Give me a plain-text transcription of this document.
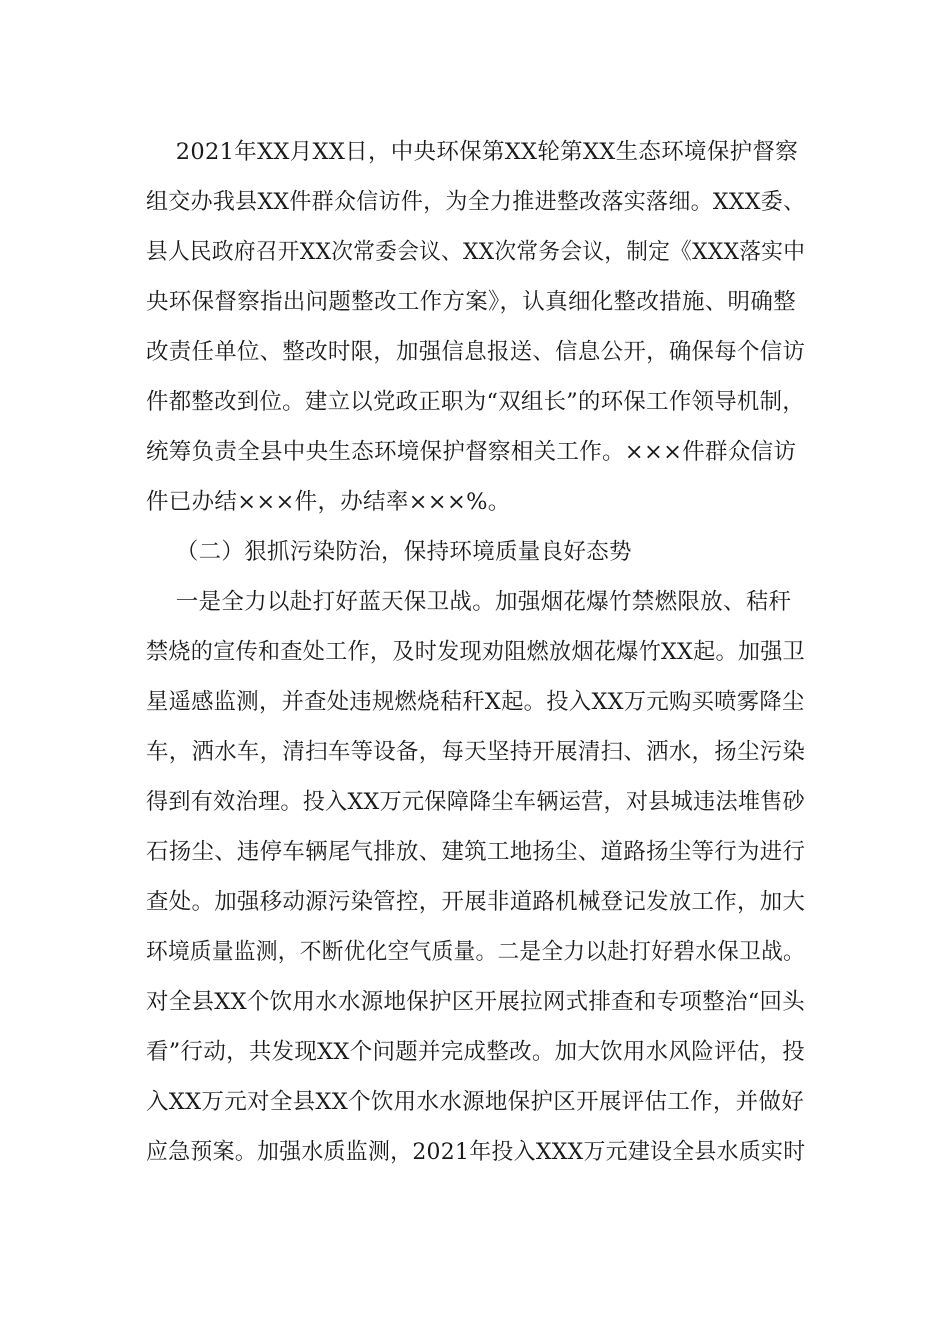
2021年XX月XX日，中央环保第XX轮第XX生态环境保护督察
组交办我县XX件群众信访件，为全力推进整改落实落细。XXX委、
县人民政府召开XX次常委会议、XX次常务会议，制定《XXX落实中
央环保督察指出问题整改工作方案》，认真细化整改措施、明确整
改责任单位、整改时限，加强信息报送、信息公开，确保每个信访
件都整改到位。建立以党政正职为“双组长”的环保工作领导机制，
统筹负责全县中央生态环境保护督察相关工作。×××件群众信访
件已办结×××件，办结率×××%。
（二）狠抓污染防治，保持环境质量良好态势
一是全力以赴打好蓝天保卫战。加强烟花爆竹禁燃限放、秸秆
禁烧的宣传和查处工作，及时发现劝阻燃放烟花爆竹XX起。加强卫
星遥感监测，并查处违规燃烧秸秆X起。投入XX万元购买喷雾降尘
车，洒水车，清扫车等设备，每天坚持开展清扫、洒水，扬尘污染
得到有效治理。投入XX万元保障降尘车辆运营，对县城违法堆售砂
石扬尘、违停车辆尾气排放、建筑工地扬尘、道路扬尘等行为进行
查处。加强移动源污染管控，开展非道路机械登记发放工作，加大
环境质量监测，不断优化空气质量。二是全力以赴打好碧水保卫战。
对全县XX个饮用水水源地保护区开展拉网式排查和专项整治“回头
看”行动，共发现XX个问题并完成整改。加大饮用水风险评估，投
入XX万元对全县XX个饮用水水源地保护区开展评估工作，并做好
应急预案。加强水质监测，2021年投入XXX万元建设全县水质实时
